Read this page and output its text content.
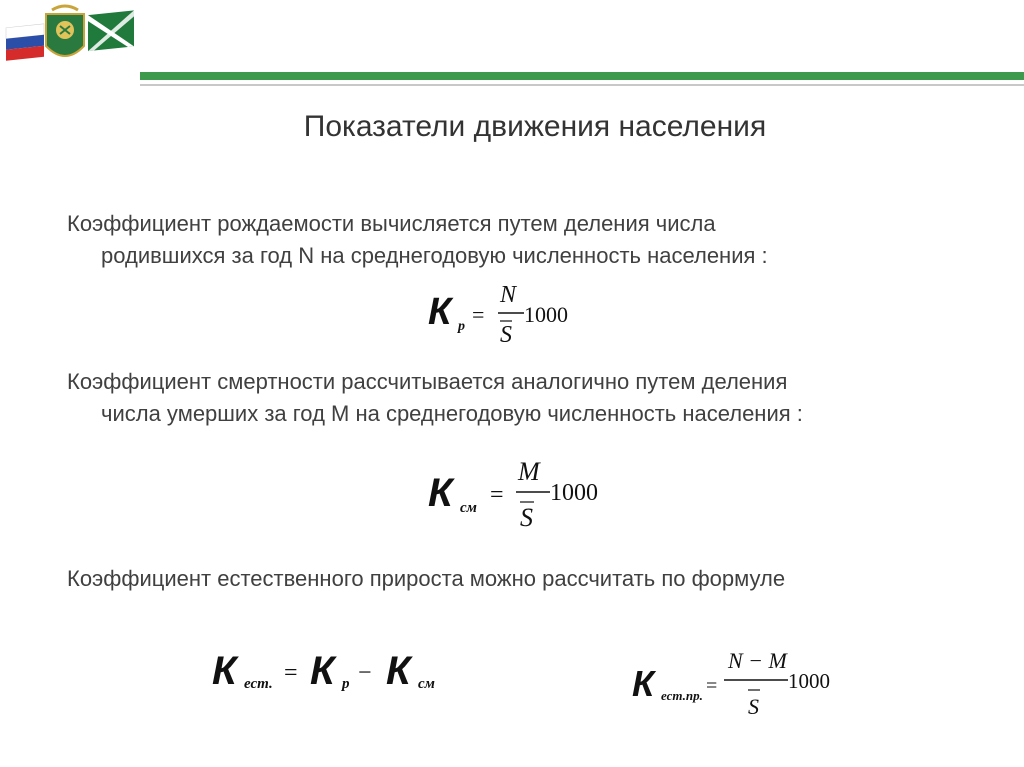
Показатели движения населения
Коэффициент рождаемости вычисляется путем деления числа
родившихся за год N на среднегодовую численность населения :
К р =
N
S
1000
Коэффициент смертности рассчитывается аналогично путем деления
числа умерших за год М на среднегодовую численность населения :
К см =
М
S
1000
Коэффициент естественного прироста можно рассчитать по формуле
К ест. = К р − К см	К ест.пр. =
N − M
S
1000
